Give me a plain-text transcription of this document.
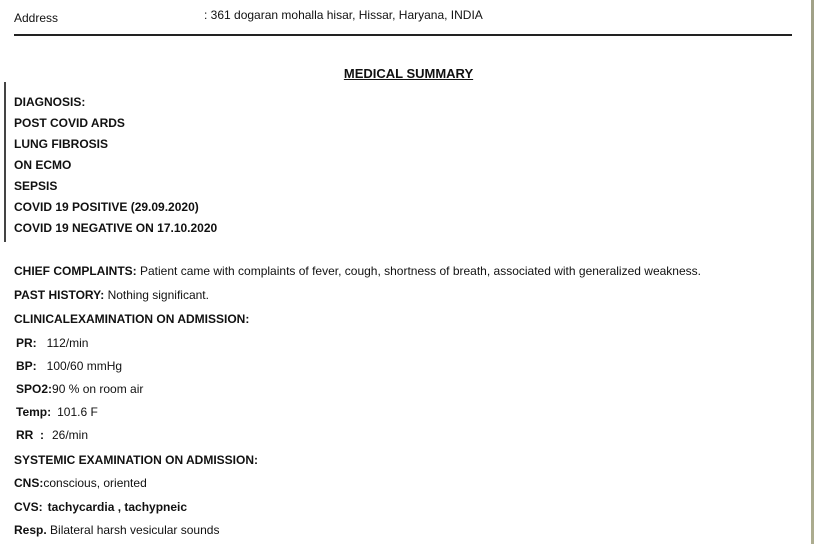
Address	: 361 dogaran mohalla hisar, Hissar, Haryana, INDIA
MEDICAL SUMMARY
DIAGNOSIS:
POST COVID ARDS
LUNG FIBROSIS
ON ECMO
SEPSIS
COVID 19 POSITIVE (29.09.2020)
COVID 19 NEGATIVE ON 17.10.2020
CHIEF COMPLAINTS: Patient came with complaints of fever, cough, shortness of breath, associated with generalized weakness.
PAST HISTORY: Nothing significant.
CLINICALEXAMINATION ON ADMISSION:
PR: 112/min
BP: 100/60 mmHg
SPO2:90 % on room air
Temp: 101.6 F
RR  : 26/min
SYSTEMIC EXAMINATION ON ADMISSION:
CNS:conscious, oriented
CVS: tachycardia , tachypneic
Resp. Bilateral harsh vesicular sounds
